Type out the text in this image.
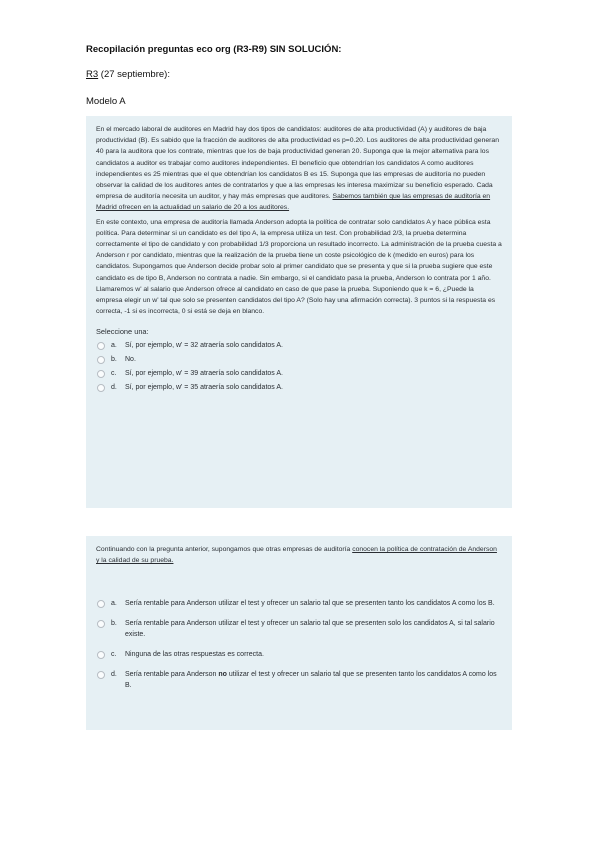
Recopilación preguntas eco org (R3-R9) SIN SOLUCIÓN:

R3 (27 septiembre):

Modelo A

En el mercado laboral de auditores en Madrid hay dos tipos de candidatos: auditores de alta productividad (A) y auditores de baja productividad (B). Es sabido que la fracción de auditores de alta productividad es p=0.20. Los auditores de alta productividad generan 40 para la auditora que los contrate, mientras que los de baja productividad generan 20. Suponga que la mejor alternativa para los candidatos a auditor es trabajar como auditores independientes. El beneficio que obtendrían los candidatos A como auditores independientes es 25 mientras que el que obtendrían los candidatos B es 15. Suponga que las empresas de auditoría no pueden observar la calidad de los auditores antes de contratarlos y que a las empresas les interesa maximizar su beneficio esperado. Cada empresa de auditoría necesita un auditor, y hay más empresas que auditores. Sabemos también que las empresas de auditoría en Madrid ofrecen en la actualidad un salario de 20 a los auditores.

En este contexto, una empresa de auditoría llamada Anderson adopta la política de contratar solo candidatos A y hace pública esta política. Para determinar si un candidato es del tipo A, la empresa utiliza un test. Con probabilidad 2/3, la prueba determina correctamente el tipo de candidato y con probabilidad 1/3 proporciona un resultado incorrecto. La administración de la prueba cuesta a Anderson r por candidato, mientras que la realización de la prueba tiene un coste psicológico de k (medido en euros) para los candidatos. Supongamos que Anderson decide probar solo al primer candidato que se presenta y que si la prueba sugiere que este candidato es de tipo B, Anderson no contrata a nadie. Sin embargo, si el candidato pasa la prueba, Anderson lo contrata por 1 año. Llamaremos w' al salario que Anderson ofrece al candidato en caso de que pase la prueba. Suponiendo que k = 6, ¿Puede la empresa elegir un w' tal que solo se presenten candidatos del tipo A? (Solo hay una afirmación correcta). 3 puntos si la respuesta es correcta, -1 si es incorrecta, 0 si está se deja en blanco.

Seleccione una:

a.	Sí, por ejemplo, w' = 32 atraería solo candidatos A.
b.	No.
c.	Sí, por ejemplo, w' = 39 atraería solo candidatos A.
d.	Sí, por ejemplo, w' = 35 atraería solo candidatos A.

Continuando con la pregunta anterior, supongamos que otras empresas de auditoría conocen la política de contratación de Anderson y la calidad de su prueba.

a.	Sería rentable para Anderson utilizar el test y ofrecer un salario tal que se presenten tanto los candidatos A como los B.
b.	Sería rentable para Anderson utilizar el test y ofrecer un salario tal que se presenten solo los candidatos A, si tal salario existe.
c.	Ninguna de las otras respuestas es correcta.
d.	Sería rentable para Anderson no utilizar el test y ofrecer un salario tal que se presenten tanto los candidatos A como los B.
